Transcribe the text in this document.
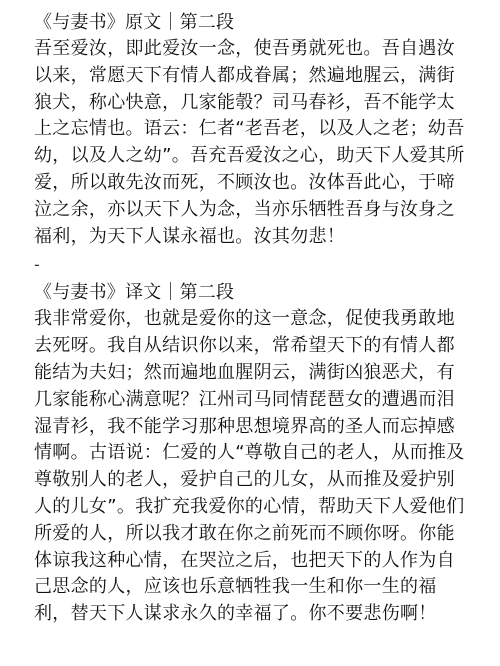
《与妻书》原文｜第二段

吾至爱汝，即此爱汝一念，使吾勇就死也。吾自遇汝

以来，常愿天下有情人都成眷属；然遍地腥云，满街

狼犬，称心快意，几家能彀？司马春衫，吾不能学太

上之忘情也。语云：仁者“老吾老，以及人之老；幼吾

幼，以及人之幼”。吾充吾爱汝之心，助天下人爱其所

爱，所以敢先汝而死，不顾汝也。汝体吾此心，于啼

泣之余，亦以天下人为念，当亦乐牺牲吾身与汝身之

福利，为天下人谋永福也。汝其勿悲！

-

《与妻书》译文｜第二段

我非常爱你，也就是爱你的这一意念，促使我勇敢地

去死呀。我自从结识你以来，常希望天下的有情人都

能结为夫妇；然而遍地血腥阴云，满街凶狼恶犬，有

几家能称心满意呢？江州司马同情琵琶女的遭遇而泪

湿青衫，我不能学习那种思想境界高的圣人而忘掉感

情啊。古语说：仁爱的人“尊敬自己的老人，从而推及

尊敬别人的老人，爱护自己的儿女，从而推及爱护别

人的儿女”。我扩充我爱你的心情，帮助天下人爱他们

所爱的人，所以我才敢在你之前死而不顾你呀。你能

体谅我这种心情，在哭泣之后，也把天下的人作为自

己思念的人，应该也乐意牺牲我一生和你一生的福

利，替天下人谋求永久的幸福了。你不要悲伤啊！
